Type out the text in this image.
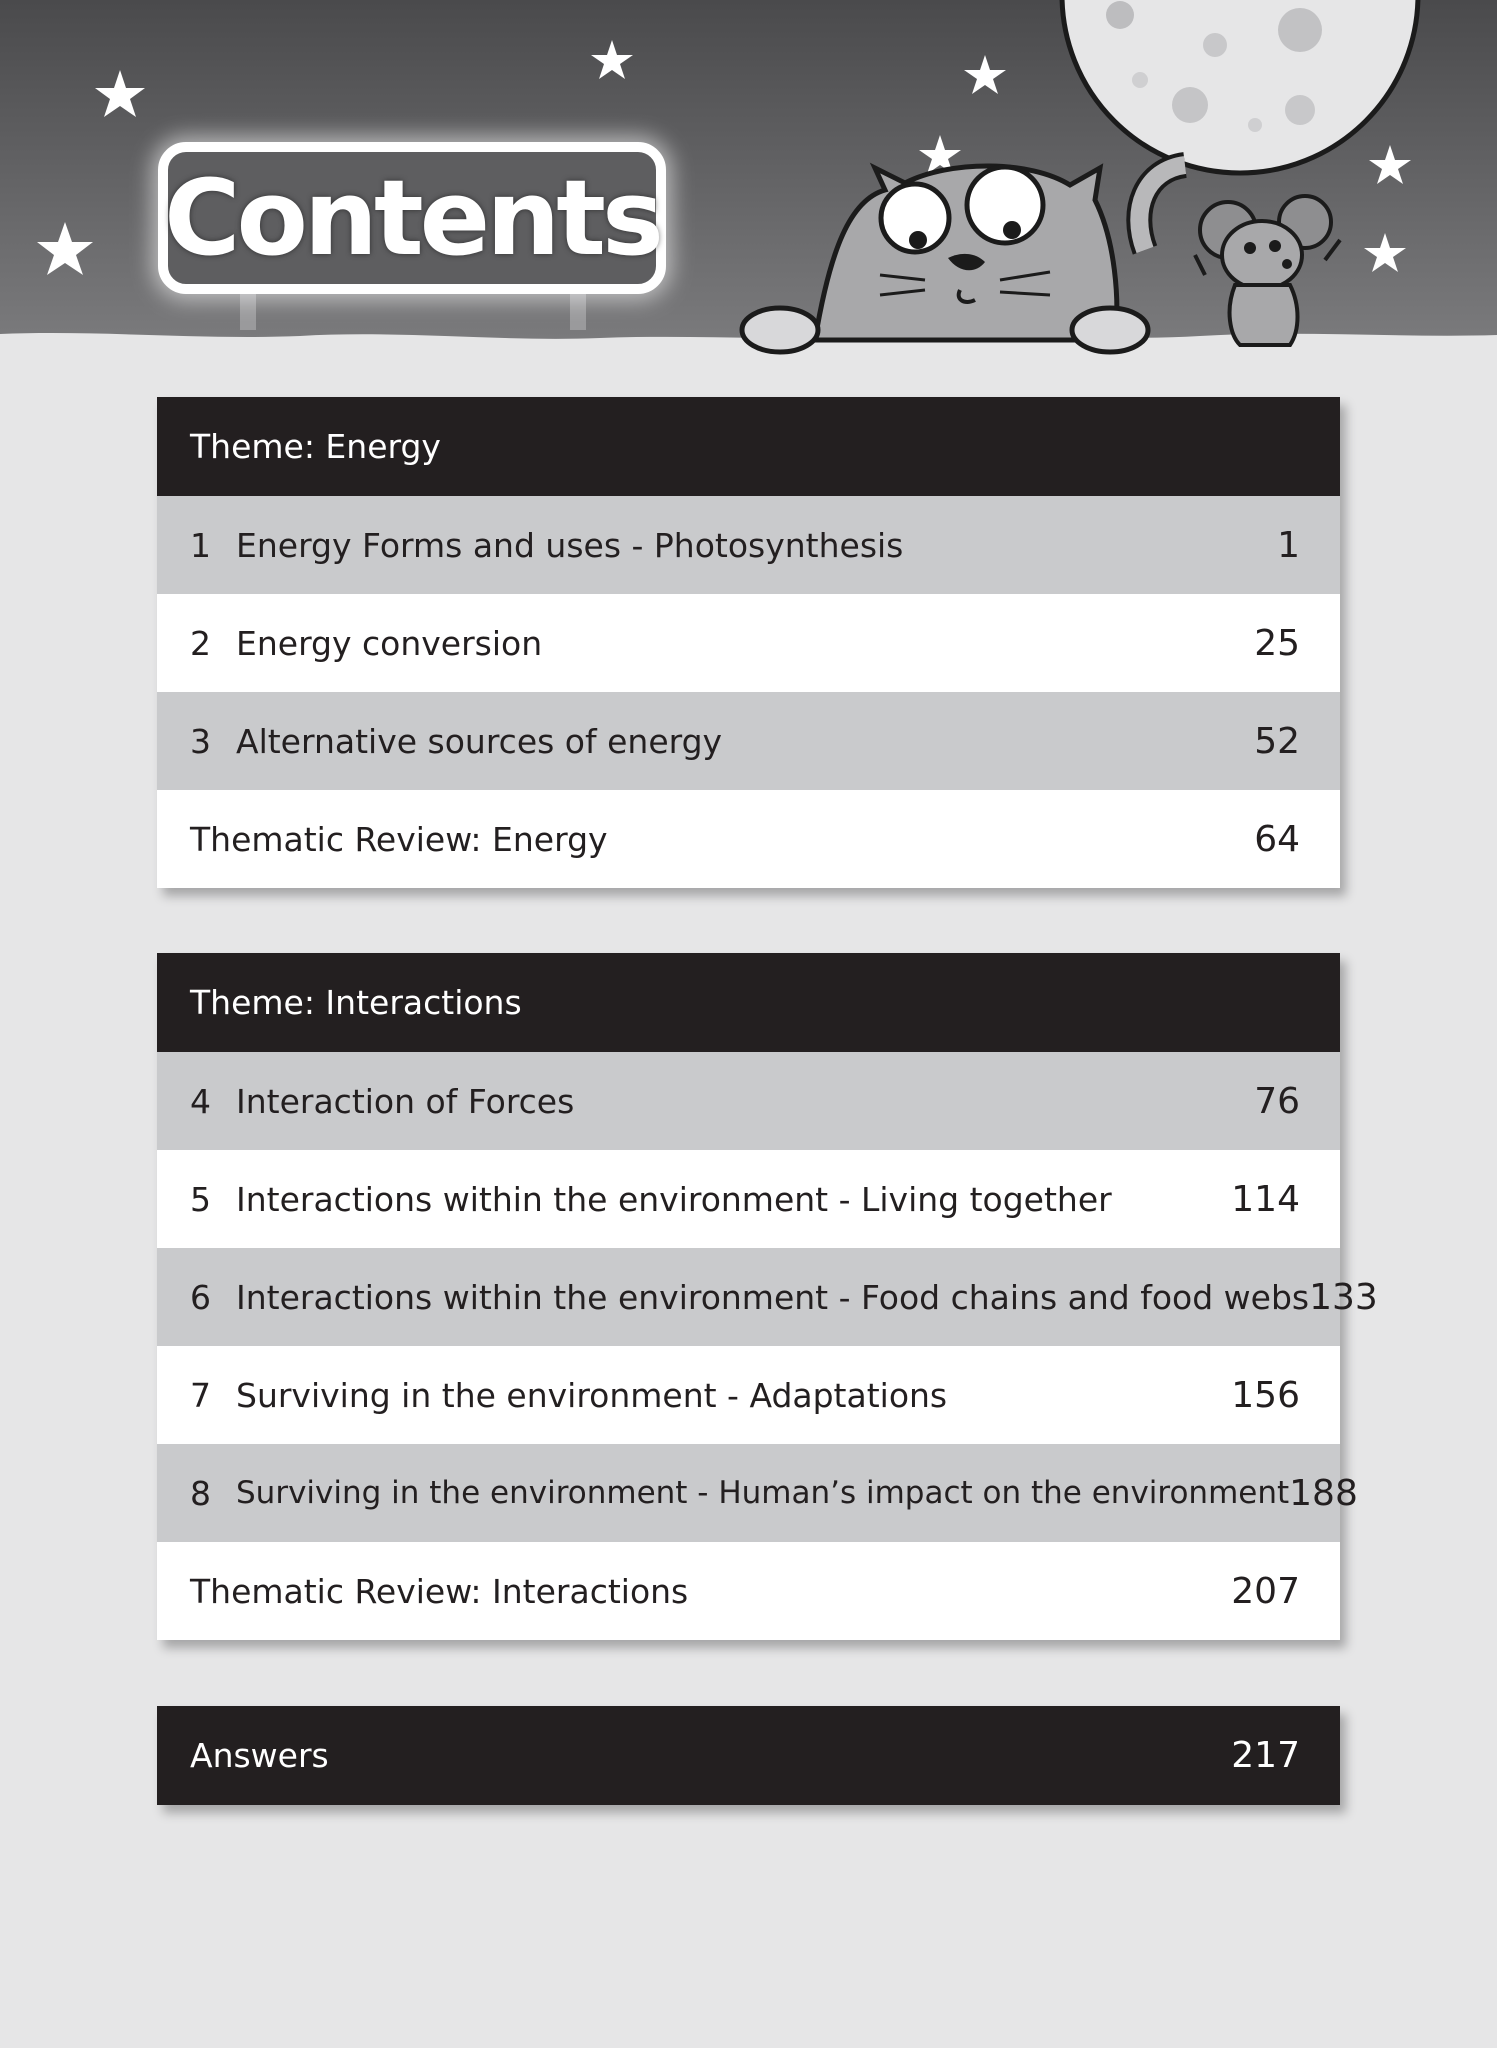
Contents
Theme: Energy
1 Energy Forms and uses - Photosynthesis	1
2 Energy conversion	25
3 Alternative sources of energy	52
Thematic Review: Energy	64
Theme: Interactions
4 Interaction of Forces	76
5 Interactions within the environment - Living together	114
6 Interactions within the environment - Food chains and food webs 133
7 Surviving in the environment - Adaptations	156
8 Surviving in the environment - Human’s impact on the environment 188
Thematic Review: Interactions	207
Answers	217
